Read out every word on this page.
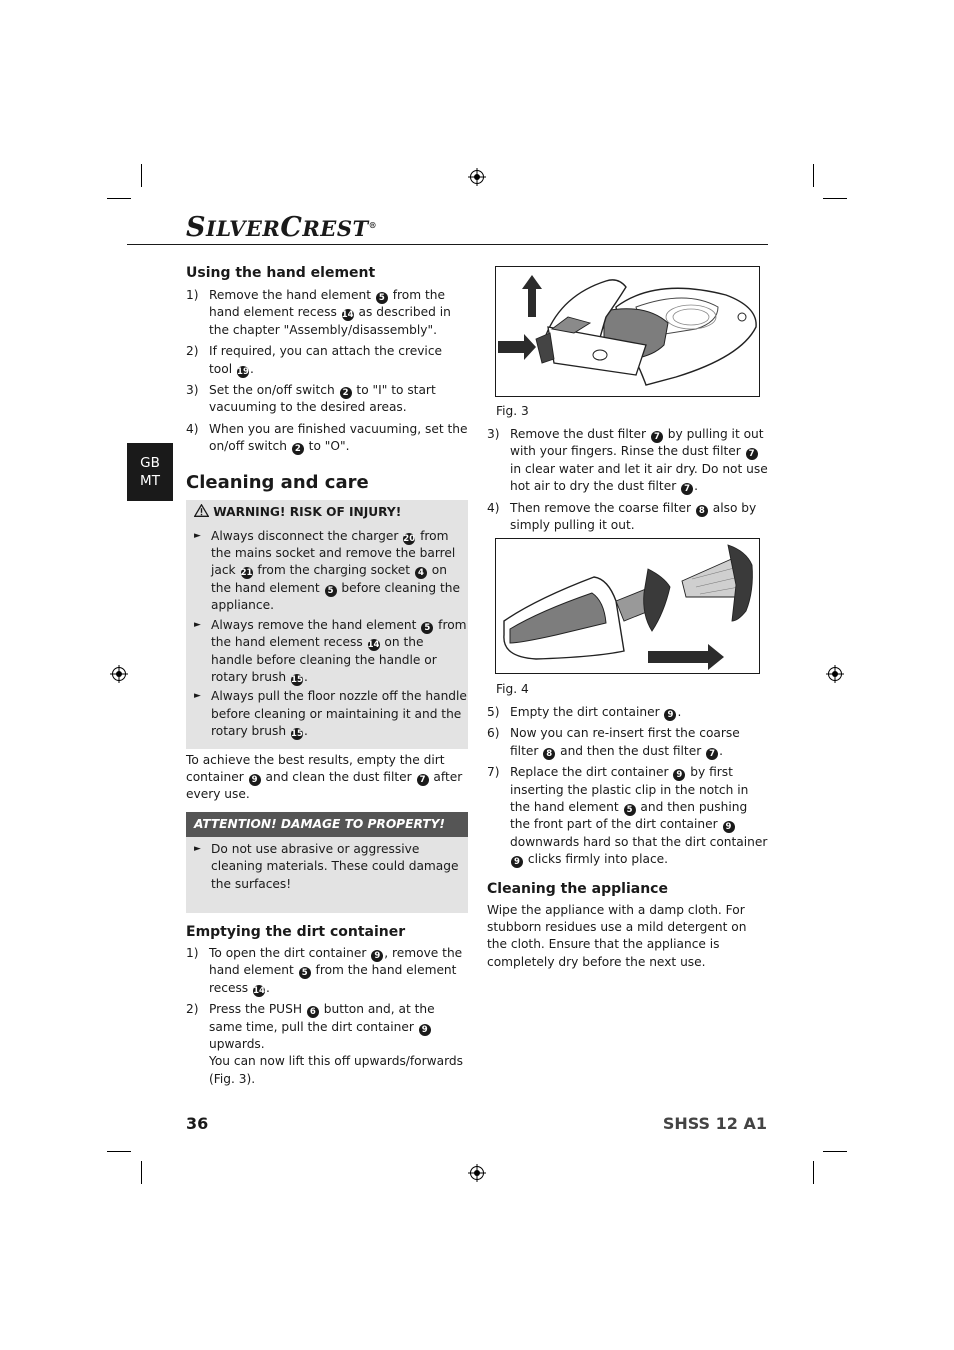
SILVERCREST®
GB
MT
Using the hand element
1) Remove the hand element 5 from the hand element recess 14 as described in the chapter "Assembly/disassembly".
2) If required, you can attach the crevice tool 19.
3) Set the on/off switch 2 to "I" to start vacuuming to the desired areas.
4) When you are finished vacuuming, set the on/off switch 2 to "O".
Cleaning and care
WARNING! RISK OF INJURY!
► Always disconnect the charger 20 from the mains socket and remove the barrel jack 21 from the charging socket 4 on the hand element 5 before cleaning the appliance.
► Always remove the hand element 5 from the hand element recess 14 on the handle before cleaning the handle or rotary brush 15.
► Always pull the floor nozzle off the handle before cleaning or maintaining it and the rotary brush 15.

To achieve the best results, empty the dirt container 9 and clean the dust filter 7 after every use.

ATTENTION! DAMAGE TO PROPERTY!
► Do not use abrasive or aggressive cleaning materials. These could damage the surfaces!
Emptying the dirt container
1) To open the dirt container 9 , remove the hand element 5 from the hand element recess 14.
2) Press the PUSH 6 button and, at the same time, pull the dirt container 9 upwards.
You can now lift this off upwards/forwards (Fig. 3).
Fig. 3
3) Remove the dust filter 7 by pulling it out with your fingers. Rinse the dust filter 7 in clear water and let it air dry. Do not use hot air to dry the dust filter 7 .
4) Then remove the coarse filter 8 also by simply pulling it out.
Fig. 4
5) Empty the dirt container 9 .
6) Now you can re-insert first the coarse filter 8 and then the dust filter 7 .
7) Replace the dirt container 9 by first inserting the plastic clip in the notch in the hand element 5 and then pushing the front part of the dirt container 9 downwards hard so that the dirt container 9 clicks firmly into place.
Cleaning the appliance

Wipe the appliance with a damp cloth. For stubborn residues use a mild detergent on the cloth. Ensure that the appliance is completely dry before the next use.

36	SHSS 12 A1
